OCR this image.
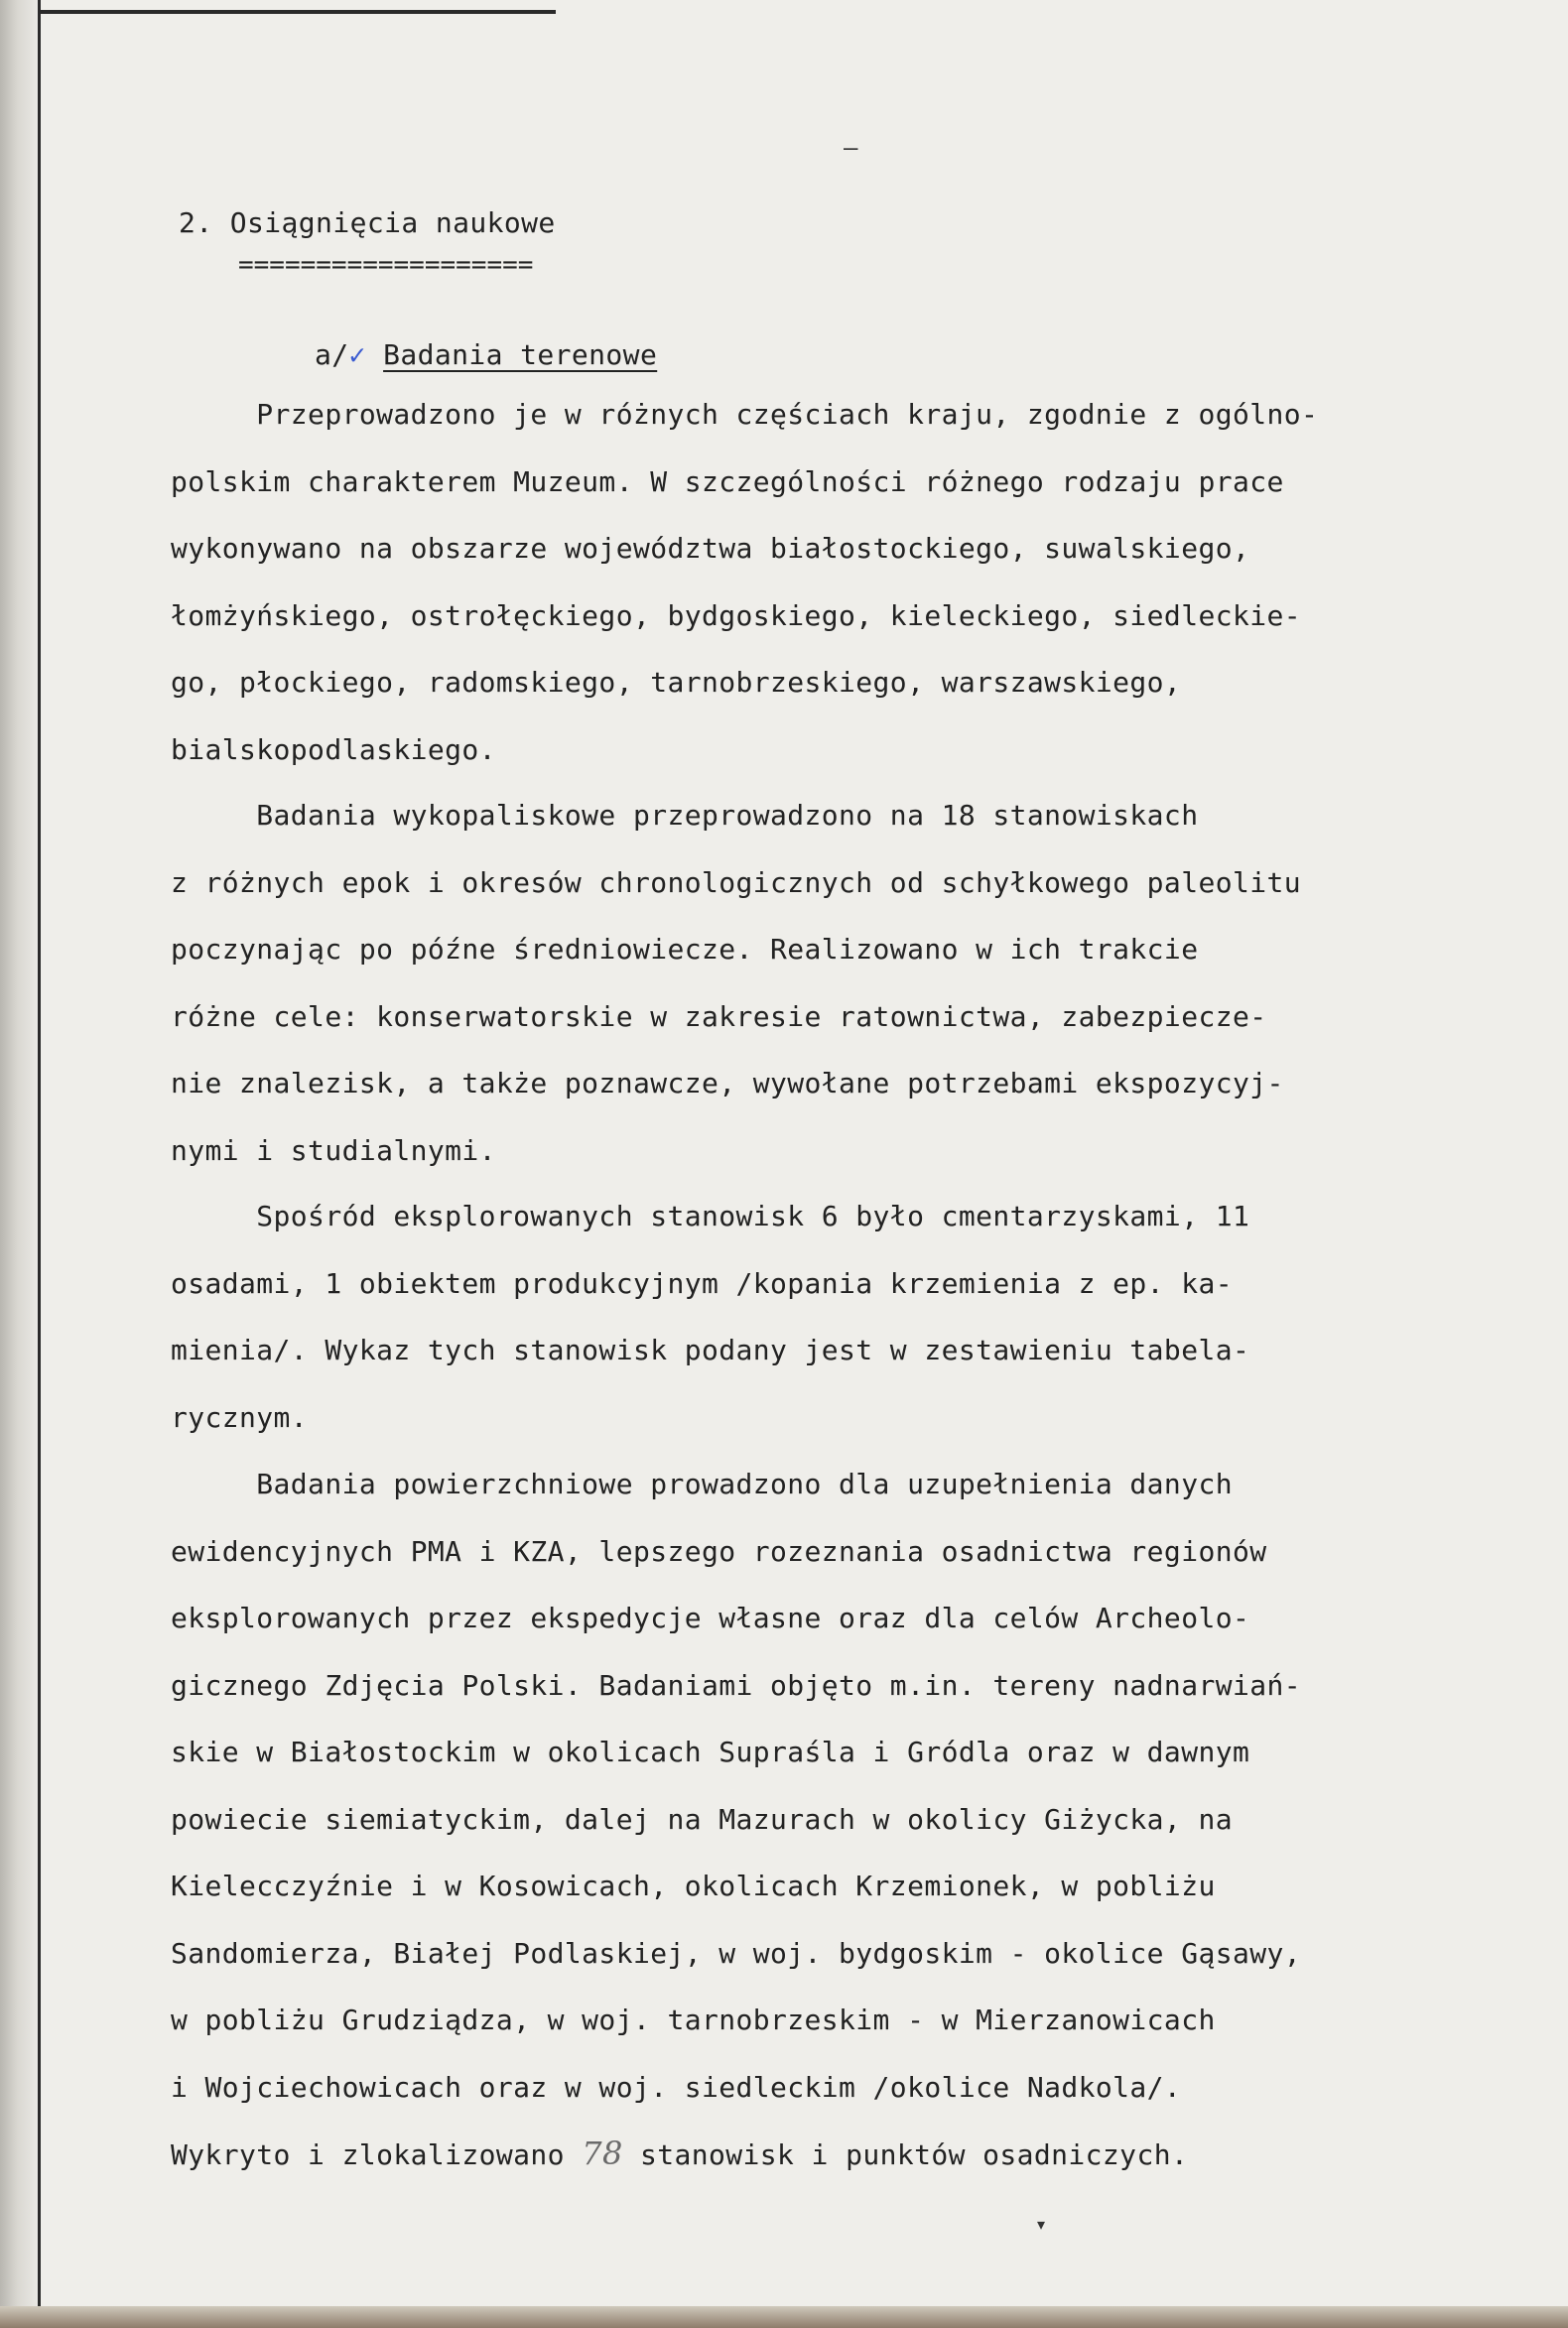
–
2. Osiągnięcia naukowe
===================

a/✓ Badania terenowe

Przeprowadzono je w różnych częściach kraju, zgodnie z ogólno-
polskim charakterem Muzeum. W szczególności różnego rodzaju prace
wykonywano na obszarze województwa białostockiego, suwalskiego,
łomżyńskiego, ostrołęckiego, bydgoskiego, kieleckiego, siedleckie-
go, płockiego, radomskiego, tarnobrzeskiego, warszawskiego,
bialskopodlaskiego.
Badania wykopaliskowe przeprowadzono na 18 stanowiskach
z różnych epok i okresów chronologicznych od schyłkowego paleolitu
poczynając po późne średniowiecze. Realizowano w ich trakcie
różne cele: konserwatorskie w zakresie ratownictwa, zabezpiecze-
nie znalezisk, a także poznawcze, wywołane potrzebami ekspozycyj-
nymi i studialnymi.
Spośród eksplorowanych stanowisk 6 było cmentarzyskami, 11
osadami, 1 obiektem produkcyjnym /kopania krzemienia z ep. ka-
mienia/. Wykaz tych stanowisk podany jest w zestawieniu tabela-
rycznym.
Badania powierzchniowe prowadzono dla uzupełnienia danych
ewidencyjnych PMA i KZA, lepszego rozeznania osadnictwa regionów
eksplorowanych przez ekspedycje własne oraz dla celów Archeolo-
gicznego Zdjęcia Polski. Badaniami objęto m.in. tereny nadnarwiań-
skie w Białostockim w okolicach Supraśla i Gródla oraz w dawnym
powiecie siemiatyckim, dalej na Mazurach w okolicy Giżycka, na
Kielecczyźnie i w Kosowicach, okolicach Krzemionek, w pobliżu
Sandomierza, Białej Podlaskiej, w woj. bydgoskim - okolice Gąsawy,
w pobliżu Grudziądza, w woj. tarnobrzeskim - w Mierzanowicach
i Wojciechowicach oraz w woj. siedleckim /okolice Nadkola/.
Wykryto i zlokalizowano 78 stanowisk i punktów osadniczych.
▾
